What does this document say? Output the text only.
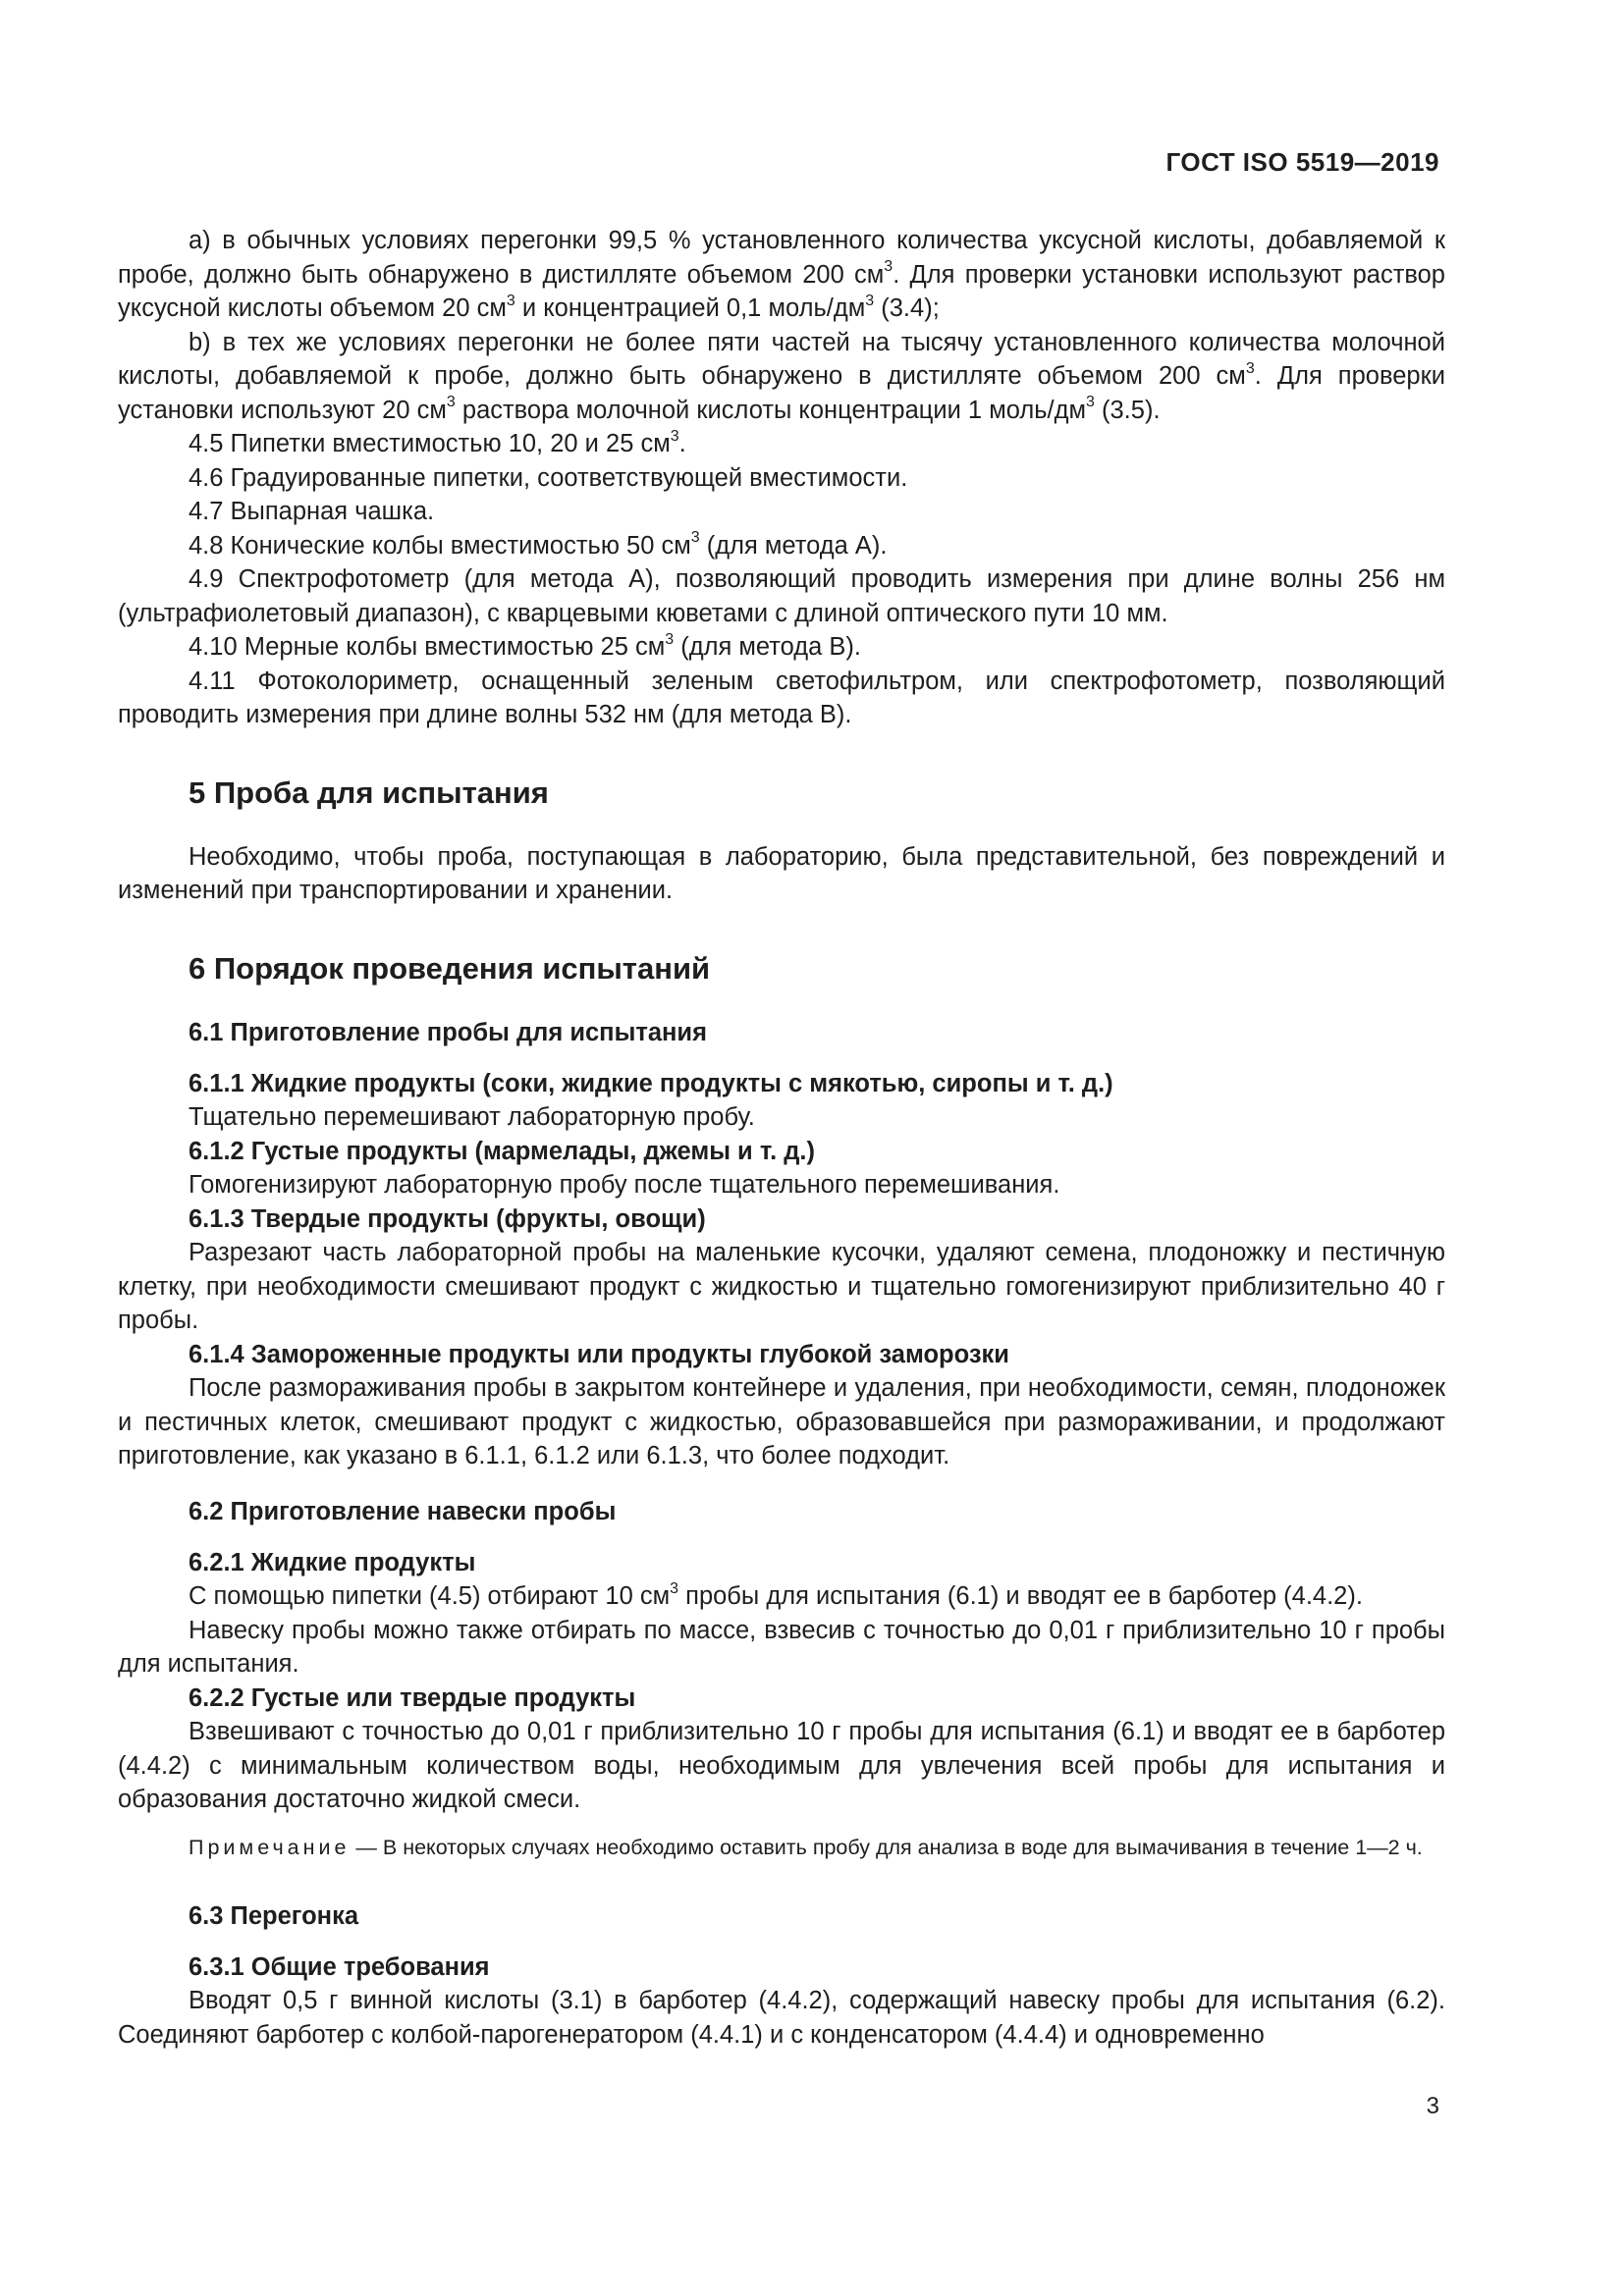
ГОСТ ISO 5519—2019

а) в обычных условиях перегонки 99,5 % установленного количества уксусной кислоты, добавляемой к пробе, должно быть обнаружено в дистилляте объемом 200 $см^3$. Для проверки установки используют раствор уксусной кислоты объемом 20 $см^3$ и концентрацией 0,1 моль/$дм^3$ (3.4);

b) в тех же условиях перегонки не более пяти частей на тысячу установленного количества молочной кислоты, добавляемой к пробе, должно быть обнаружено в дистилляте объемом 200 $см^3$. Для проверки установки используют 20 $см^3$ раствора молочной кислоты концентрации 1 моль/$дм^3$ (3.5).

4.5 Пипетки вместимостью 10, 20 и 25 $см^3$.

4.6 Градуированные пипетки, соответствующей вместимости.

4.7 Выпарная чашка.

4.8 Конические колбы вместимостью 50 $см^3$ (для метода А).

4.9 Спектрофотометр (для метода А), позволяющий проводить измерения при длине волны 256 нм (ультрафиолетовый диапазон), с кварцевыми кюветами с длиной оптического пути 10 мм.

4.10 Мерные колбы вместимостью 25 $см^3$ (для метода В).

4.11 Фотоколориметр, оснащенный зеленым светофильтром, или спектрофотометр, позволяющий проводить измерения при длине волны 532 нм (для метода В).

5 Проба для испытания

Необходимо, чтобы проба, поступающая в лабораторию, была представительной, без повреждений и изменений при транспортировании и хранении.

6 Порядок проведения испытаний
6.1 Приготовление пробы для испытания
6.1.1 Жидкие продукты (соки, жидкие продукты с мякотью, сиропы и т. д.)

Тщательно перемешивают лабораторную пробу.

6.1.2 Густые продукты (мармелады, джемы и т. д.)

Гомогенизируют лабораторную пробу после тщательного перемешивания.

6.1.3 Твердые продукты (фрукты, овощи)

Разрезают часть лабораторной пробы на маленькие кусочки, удаляют семена, плодоножку и пестичную клетку, при необходимости смешивают продукт с жидкостью и тщательно гомогенизируют приблизительно 40 г пробы.

6.1.4 Замороженные продукты или продукты глубокой заморозки

После размораживания пробы в закрытом контейнере и удаления, при необходимости, семян, плодоножек и пестичных клеток, смешивают продукт с жидкостью, образовавшейся при размораживании, и продолжают приготовление, как указано в 6.1.1, 6.1.2 или 6.1.3, что более подходит.

6.2 Приготовление навески пробы
6.2.1 Жидкие продукты

С помощью пипетки (4.5) отбирают 10 $см^3$ пробы для испытания (6.1) и вводят ее в барботер (4.4.2).

Навеску пробы можно также отбирать по массе, взвесив с точностью до 0,01 г приблизительно 10 г пробы для испытания.

6.2.2 Густые или твердые продукты

Взвешивают с точностью до 0,01 г приблизительно 10 г пробы для испытания (6.1) и вводят ее в барботер (4.4.2) с минимальным количеством воды, необходимым для увлечения всей пробы для испытания и образования достаточно жидкой смеси.

Примечание — В некоторых случаях необходимо оставить пробу для анализа в воде для вымачивания в течение 1—2 ч.

6.3 Перегонка
6.3.1 Общие требования

Вводят 0,5 г винной кислоты (3.1) в барботер (4.4.2), содержащий навеску пробы для испытания (6.2). Соединяют барботер с колбой-парогенератором (4.4.1) и с конденсатором (4.4.4) и одновременно

3
